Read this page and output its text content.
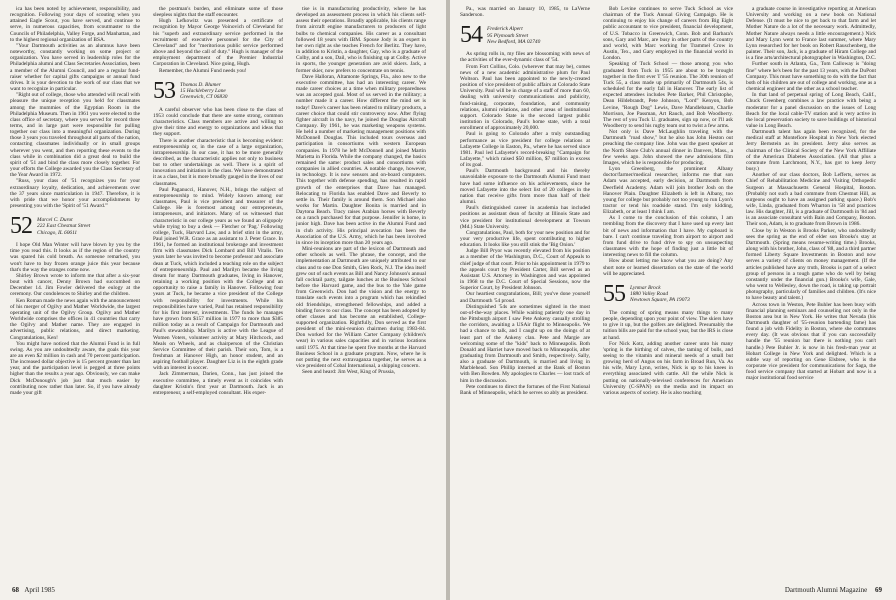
ica has been noted by achievement, responsibility, and recognition. Following your days of scouting when you attained Eagle Scout, you have served, and continue to serve, in numerous capacities, from scoutmaster to the Councils of Philadelphia, Valley Forge, and Manhattan, and to the highest regional organization of BSA.

"Your Dartmouth activities as an alumnus have been noteworthy, constantly working on some project or organization. You have served in leadership roles for the Philadelphia alumni and Class Secretaries Association, been a member of the Alumni Council, and are a regular fund-raiser whether for capital gifts campaigns or annual fund drives. It is your devotion to the work of our class that we want to recognize in particular.

"Right out of college, those who attended will recall with pleasure the unique reception you held for classmates among the mummies of the Egyptian Room in the Philadelphia Museum. Then in 1961 you were elected to the class office of secretary, where you served for record three terms, and in large part were responsible for pulling together our class into a meaningful organization. During those 3 years you traveled throughout all parts of the nation, contacting classmates individually or in small groups wherever you went, and then reporting these events to the class while in combination did a great deal to build the spirit of '51 and bind the class more closely together. For your efforts the College awarded you the Class Secretary of the Year Award in 1972.

"Russ, your class of '51 recognizes you for your extraordinary loyalty, dedication, and achievements over the 37 years since matriculation in 1947. Therefore, it is with pride that we honor your accomplishments by presenting you with the 'Spirit of '51 Award.'"

52 Marcel C. Durot
222 East Chestnut Street
Chicago, IL 60611

I hope Old Man Winter will have blown by you by the time you read this. It looks as if the region of the country was spared his cold breath. As someone remarked, you won't have to buy frozen orange juice this year because that's the way the oranges come now.

Shirley Brown wrote to inform me that after a six-year bout with cancer, Denny Brown had succumbed on December 14. Jim Fowler delivered the eulogy at the ceremony. Our condolences to Shirley and the children.

Ken Roman made the news again with the announcement of his merger of Ogilvy and Mather Worldwide, the largest operating unit of the Ogilvy Group. Ogilvy and Mather Worldwide comprises the offices in 41 countries that carry the Ogilvy and Mather name. They are engaged in advertising, public relations, and direct marketing. Congratulations, Ken!

You might have noticed that the Alumni Fund is in full swing. As you are undoubtedly aware, the goals this year are an even $2 million in cash and 70 percent participation. The increased dollar objective is 15 percent greater than last year, and the participation level is pegged at three points higher than the results a year ago. Obviously, we can make Dick McDonough's job just that much easier by contributing now rather than later. So, if you have already made your gift

the postman's burden, and eliminate some of those sleepless nights that the staff encounter.

Hugh Lefkowitz was presented a certificate of recognition by Mayor George Voinovich of Cleveland for his "superb and extraordinary service performed in the recruitment of executive personnel for the City of Cleveland" and for "meritorious public service performed above and beyond the call of duty." Hugh is manager of the employment department of the Premier Industrial Corporation in Cleveland. Nice going, Hugh.

Remember, the Alumni Fund needs you!

53 Thomas D. Blumer
15 Hackleberry Lane
Greenwich, CT 06830

A careful observer who has been close to the class of 1953 could conclude that there are some strong, common characteristics. Class members are active and willing to give their time and energy to organizations and ideas that they support.

There is another characteristic that is becoming evident: entrepreneurship or, in the case of a large organization, intrapreneurship. In our case, it has to be more generally described, as the characteristic applies not only to business but to other undertakings as well. There is a spirit of innovation and initiation in the class. We have demonstrated it as a class, but it is more broadly gauged in the lives of our classmates.

Paul Paganucci, Hanover, N.H., brings the subject of entrepreneurship to mind. Widely known among our classmates, Paul is vice president and treasurer of the College. He is foremost among our entrepreneurs, intrapreneurs, and initiators. Many of us witnessed that characteristic in our college years as we found an oligopoly while trying to buy a desk — Fletcher or 'Pag.' Following college, Tuck, Harvard Law, and a brief stint in the army, Paul joined W.R. Grace as an assistant to J. Peter Grace. In 1961, he formed an institutional brokerage and investment firm with classmates Dick Lombard and Bill Vitalis. Ten years later he was invited to become professor and associate dean at Tuck, which included a teaching role on the subject of entrepreneurship. Paul and Marilyn became the living dream for many Dartmouth graduates, living in Hanover, retaining a working position with the College and an opportunity to raise a family in Hanover. Following four years at Tuck, he became a vice president of the College with responsibility for investments. While his responsibilities have varied, Paul has retained responsibility for his first interest, investments. The funds he manages have grown from $157 million in 1977 to more than $385 million today as a result of Campaign for Dartmouth and Paul's stewardship. Marilyn is active with the League of Women Voters, volunteer activity at Mary Hitchcock, and Meals on Wheels, and as chairperson of the Christian Service Committee of their parish. Their son, Tom, is a freshman at Hanover High, an honor student, and an aspiring football player. Daughter Liz is in the eighth grade with an interest in soccer.

Jack Zimmerman, Darien, Conn., has just joined the executive committee, a timely event as it coincides with daughter Kristin's first year at Dartmouth. Jack is an entrepreneur, a self-employed consultant. His exper-

tise is in manufacturing productivity, where he has developed an assessment process in which his clients self-assess their operations. Broadly applicable, his clients range from aircraft engine manufacturers to producers of light bulbs to chemical companies. His career as a consultant followed 18 years with IBM. Spouse Jody is an expert in her own right as she teaches French for Berlitz. They have, in addition to Kristin, a daughter, Gay, who is a graduate of Colby, and a son, Dail, who is finishing up at Colby. Active in sports, the younger generation are avid skiers. Jack, a former skier, now prefers to concentrate on tennis.

Dave Halloran, Altamonte Springs, Fla., also new to the executive committee, has had an interesting career. We made career choices at a time when military preparedness was an accepted goal. Most of us served in the military; a number made it a career. How different the mind set is today! Dave's career has been related to military products, a career choice that could stir controversy now. After flying fighter aircraft in the navy, he joined the Douglas Aircraft Company. By 1961, he was marketing weapons systems. He held a number of marketing management positions with McDonnell Douglas. This included tours overseas and participation in consortiums with western European companies. In 1978 he left McDonnell and joined Martin Marietta in Florida. While the company changed, the basics remained the same: product sales and consortiums with companies in allied countries. A notable change, however, in technology. It is now sensors and on-board computers. This together with defense spending, has resulted in rapid growth of the enterprises that Dave has managed. Relocating to Florida has enabled Dave and Beverly to settle in. Their family is around them. Son Michael also works for Martin. Daughter Bonita is married and in Daytona Beach. Tracy raises Arabian horses with Beverly on a ranch purchased for that purpose. Jennifer is home, in junior high. Dave has been active in the Alumni Fund and in club activity. His principal avocation has been the Association of the U.S. Army, which he has been involved in since its inception more than 20 years ago.

Mini-reunions are part of the lexicon of Dartmouth and other schools as well. The phrase, the concept, and the implementation at Dartmouth are uniquely attributed to our class and to one Don Smith, Glen Rock, N.J. The idea itself grew out of such events as Bill and Nancy Johnson's annual fall cocktail party, tailgate lunches at the Business School before the Harvard game, and the bus to the Yale game from Greenwich. Don had the vision and the energy to translate such events into a program which has rekindled old friendships, strengthened fellowships, and added a binding force to our class. The concept has been adopted by other classes and has become an established, College-supported organization. Rightfully, Don served as the first president of the mini-reunion chairmen during 1983-84. Don worked for the William Carter Company (children's wear) in various sales capacities and in various locations until 1975. At that time he spent five months at the Harvard Business School in a graduate program. Now, where he is not putting the next extravaganza together, he serves as a vice president of Cobal International, a shipping concern.

Seen and heard: Jim West, King of Prussia,

68 April 1985

Pa., was married on January 10, 1985, to LaVerne Sanderson.

54 Frederick Alpert
95 Plymouth Street
New Bedford, MA 02740

As spring rolls in, my files are blossoming with news of the activities of the ever-dynamic class of '54.

From Fort Collins, Colo. (wherever that may be), comes news of a new academic administrative plum for Paul Woltson. Paul has been appointed to the newly-created position of vice president of public affairs at Colorado State University. Paul will be in charge of a staff of more than 60, dealing with university communications and publicity, fund-raising, corporate, foundation, and community relations, alumni relations, and other areas of institutional support. Colorado State is the second largest public institution in Colorado, Paul's home state, with a total enrollment of approximately 20,000.

Paul is going to Colorado after a truly outstanding performance as vice president for college relations at Lafayette College in Easton, Pa., where he has served since 1981. Paul led Lafayette's record-breaking "Campaign for Lafayette," which raised $50 million, $7 million in excess of its goal.

Paul's Dartmouth background and his thereby unavoidable exposure to the Dartmouth Alumni Fund must have had some influence on his achievements, since he moved Lafayette into the select list of 20 colleges in the nation that receive gifts from more than half of their alumni.

Paul's distinguished career in academia has included positions as assistant dean of faculty at Illinois State and vice president for institutional development at Towson (Md.) State University.

Congratulations, Paul, both for your new position and for your very productive life, spent contributing to higher education. It looks like you still stink the 'Big Onion.'

Judge Bill Pryor was recently elevated from his position as a member of the Washington, D.C., Court of Appeals to chief judge of that court. Prior to his appointment in 1979 to the appeals court by President Carter, Bill served as an Assistant U.S. Attorney in Washington and was appointed in 1968 to the D.C. Court of Special Sessions, now the Superior Court, by President Johnson.

Our heartiest congratulations, Bill; you've done yourself and Dartmouth '54 proud.

Distinguished '54s are sometimes sighted in the most out-of-the-way places. While waiting patiently one day in the Pittsburgh airport I saw Pete Ankeny casually strolling the corridors, awaiting a USAir flight to Minneapolis. We had a chance to talk, and I caught up on the doings of at least part of the Ankeny clan. Pete and Margie are welcoming some of the "kids" back to Minneapolis. Both Donald and Harriet have moved back to Minneapolis, after graduating from Dartmouth and Smith, respectively. Sally, also a graduate of Dartmouth, is married and living in Marblehead. Son Phillip interned at the Bank of Boston with Ben Bowden. My apologies to Charles — lost track of him in the discussion.

Pete continues to direct the fortunes of the First National Bank of Minneapolis, which he serves so ably as president.

Bob Levine continues to serve Tuck School as vice chairman of the Tuck Annual Giving Campaign. He is continuing to enjoy his change of careers from Big Eight public accountant to vice president, financial development, of U.S. Tobacco in Greenwich, Conn. Bob and Barbara's sons, Gary and Marc, are busy in other parts of the country and world, with Marc working for Trammel Crow in Austin, Tex., and Gary employed in the financial world in London.

Speaking of Tuck School — those among you who graduated from Tuck in 1955 are about to be brought together in the first ever T '55 reunion. The 30th reunion of Tuck 55, a class made up primarily of Dartmouth 54s, is scheduled for the early fall in Hanover. The early list of expected attendees includes Pete Barker, Phil Christophe, Dean Hildebrandt, Pete Johnson, "Lord" Kenyon, Bob Levine, "Rough Dog" Lewis, Dave Mandlebaum, Charlie Morrison, Joe Passman, Art Rauch, and Bob Woodberry. The rest of you Tuck U. graduates, sign up now, or I'll ask Woodberry to send his rugby team out to twist a few arms.

Not only is Dave McLaughlin traveling with the Dartmouth "road show," but he also has John Heston out preaching the company line. John was the guest speaker at the North Shore Club's annual dinner in Danvers, Mass., a few weeks ago. John showed the new admissions film Images, which he is responsible for producing.

Lyon Greenberg, the prominent Albany doctor/farmer/medical researcher, informs me that son Adam was accepted, early decision, at Dartmouth from Deerfield Academy. Adam will join brother Josh on the Hanover Plain. Daughter Elizabeth is left in Albany, too young for college but probably not too young to run Lyon's tractor or tend his roadside stand. I'm only kidding, Elizabeth, or at least I think I am.

As I come to the conclusion of this column, I am trembling from the discovery that I have used up every last bit of news and information that I have. My cupboard is bare. I can't continue traveling from airport to airport and from fund drive to fund drive to spy on unsuspecting classmates with the hope of finding just a little bit of interesting news to fill the column.

How about letting me know what you are doing? Any short note or learned dissertation on the state of the world will be appreciated.

55 Lynmar Brock
1880 Valley Road
Newtown Square, PA 19073

The coming of spring means many things to many people, depending upon your point of view. The skiers have to give it up, but the golfers are delighted. Presumably the tuition bills are paid for the school year, but the IRS is close at hand.

For Nick Kotz, adding another career unto his many 'spring is the birthing of calves, the taming of bulls, and seeing to the vitamin and mineral needs of a small but growing herd of Angus on his farm in Broad Run, Va. As his wife, Mary Lynn, writes, Nick is up to his knees in everything associated with cattle. All the while Nick is putting on nationally-televised conferences for American University (C-SPAN) on the media and its impact on various aspects of society. He is also teaching

a graduate course in investigative reporting at American University and working on a new book on National Defense. (It must be nice to get back to that farm and let Mother Nature do a lot of the necessary work. Admittedly, Mother Nature always needs a little encouragement.) Nick and Mary Lynn went to France last summer, where Mary Lynn researched for her book on Robert Rauschenberg, the painter. Their son, Jack, is a graduate of Hiram College and is a fine arts/architectural photographer in Washington, D.C.

Further south in Atlanta, Ga., Tom Calloway is "doing fine" where he's been for the past 13 years, with the DuPont Company. This must have something to do with the fact that both of his children are out of college and working, one as a chemical engineer and the other as a school teacher.

In that land of perpetual spring of Long Beach, Calif., Chuck Greenberg combines a law practice with being a moderator for a panel discussion on the issues of Long Beach for the local cable-TV station and is very active in the local preservation society to save buildings of historical value in Long Beach.

Dartmouth talent has again been recognized, for the medical staff at Montefiore Hospital in New York elected Jerry Bernstein as its president. Jerry also serves as chairman of the Clinical Society of the New York Affiliate of the American Diabetes Association. (All that plus a commute from Larchmont, N.Y., has got to keep Jerry busy.)

Another of our class doctors, Bob Lefferts, serves as Chief of Rehabilitation Medicine and Visiting Orthopedic Surgeon at Massachusetts General Hospital, Boston. (Probably not such a bad commute from Chestnut Hill, as surgeons ought to have an assigned parking space.) Bob's wife, Linda, graduated from Wharton in '58 and practices law. His daughter, Jill, is a graduate of Dartmouth in '84 and is an associate consultant with Bain and Company, Boston. Their son, Adam, is to graduate from Brown in 1986.

Close by in Weston is Brooks Parker, who undoubtedly sees the spring as the end of elder son Brooks's stay at Dartmouth. (Spring means resume-writing time.) Brooks, along with his brother, John, class of '88, and a third partner formed Liberty Square Investments in Boston and now serves a variety of clients on money management. (If the articles published have any truth, Brooks is part of a select group of persons in a tough game who do well by being constantly under the financial gun.) Brooks's wife, Gale, who went to Wellesley, down the road, is taking up portrait photography, particularly of families and children. (It's nice to have beauty and talent.)

Across town in Weston, Pete Buhler has been busy with financial planning seminars and counseling not only in the Boston area but in New York. He writes that Nevada (his Dartmouth daughter of '55-reunion bartending fame) has found a job with Fidelity in Boston, where she commutes every day. (It was obvious that if you can successfully handle the '55 reunion bar there is nothing you can't handle.) Pete Buhler Jr. is now in his fresh-man year at Hobart College in New York and delighted. Which is a subtle way of reporting on Gene Elsbree, who is the corporate vice president for communications for Saga, the food service company that started at Hobart and now is a major institutional food service

Dartmouth Alumni Magazine 69
